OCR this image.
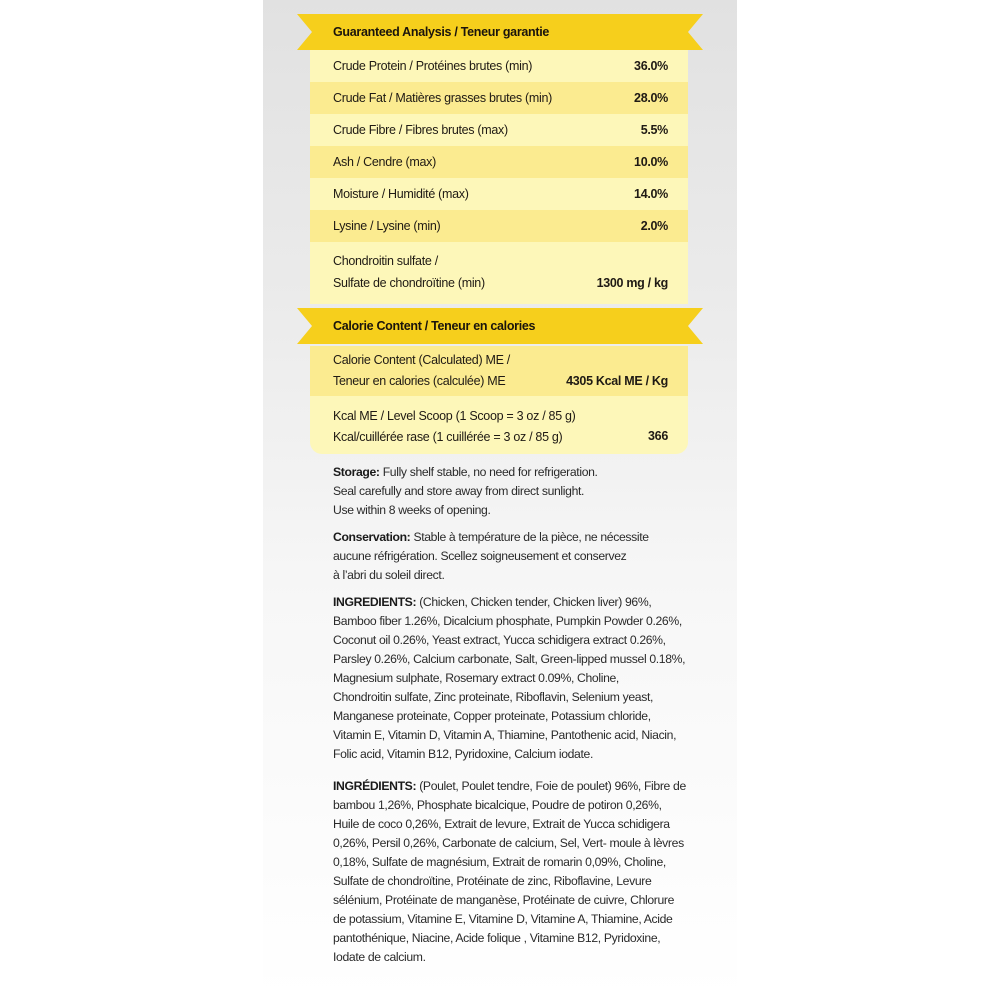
Crude Protein / Protéines brutes (min)	36.0%
Crude Fat / Matières grasses brutes (min)	28.0%
Crude Fibre / Fibres brutes (max)	5.5%
Ash / Cendre (max)	10.0%
Moisture / Humidité (max)	14.0%
Lysine / Lysine (min)	2.0%
Chondroitin sulfate /
Sulfate de chondroïtine (min)	1300 mg / kg
Calorie Content (Calculated) ME /
Teneur en calories (calculée) ME	4305 Kcal ME / Kg
Kcal ME / Level Scoop (1 Scoop = 3 oz / 85 g)
Kcal/cuillérée rase (1 cuillérée = 3 oz / 85 g)	366
Guaranteed Analysis / Teneur garantie
Calorie Content / Teneur en calories
Storage: Fully shelf stable, no need for refrigeration.
Seal carefully and store away from direct sunlight.
Use within 8 weeks of opening.
Conservation: Stable à température de la pièce, ne nécessite
aucune réfrigération. Scellez soigneusement et conservez
à l’abri du soleil direct.
INGREDIENTS: (Chicken, Chicken tender, Chicken liver) 96%,
Bamboo fiber 1.26%, Dicalcium phosphate, Pumpkin Powder 0.26%,
Coconut oil 0.26%, Yeast extract, Yucca schidigera extract 0.26%,
Parsley 0.26%, Calcium carbonate, Salt, Green-lipped mussel 0.18%,
Magnesium sulphate, Rosemary extract 0.09%, Choline,
Chondroitin sulfate, Zinc proteinate, Riboflavin, Selenium yeast,
Manganese proteinate, Copper proteinate, Potassium chloride,
Vitamin E, Vitamin D, Vitamin A, Thiamine, Pantothenic acid, Niacin,
Folic acid, Vitamin B12, Pyridoxine, Calcium iodate.
INGRÉDIENTS: (Poulet, Poulet tendre, Foie de poulet) 96%, Fibre de
bambou 1,26%, Phosphate bicalcique, Poudre de potiron 0,26%,
Huile de coco 0,26%, Extrait de levure, Extrait de Yucca schidigera
0,26%, Persil 0,26%, Carbonate de calcium, Sel, Vert- moule à lèvres
0,18%, Sulfate de magnésium, Extrait de romarin 0,09%, Choline,
Sulfate de chondroïtine, Protéinate de zinc, Riboflavine, Levure
sélénium, Protéinate de manganèse, Protéinate de cuivre, Chlorure
de potassium, Vitamine E, Vitamine D, Vitamine A, Thiamine, Acide
pantothénique, Niacine, Acide folique , Vitamine B12, Pyridoxine,
Iodate de calcium.
